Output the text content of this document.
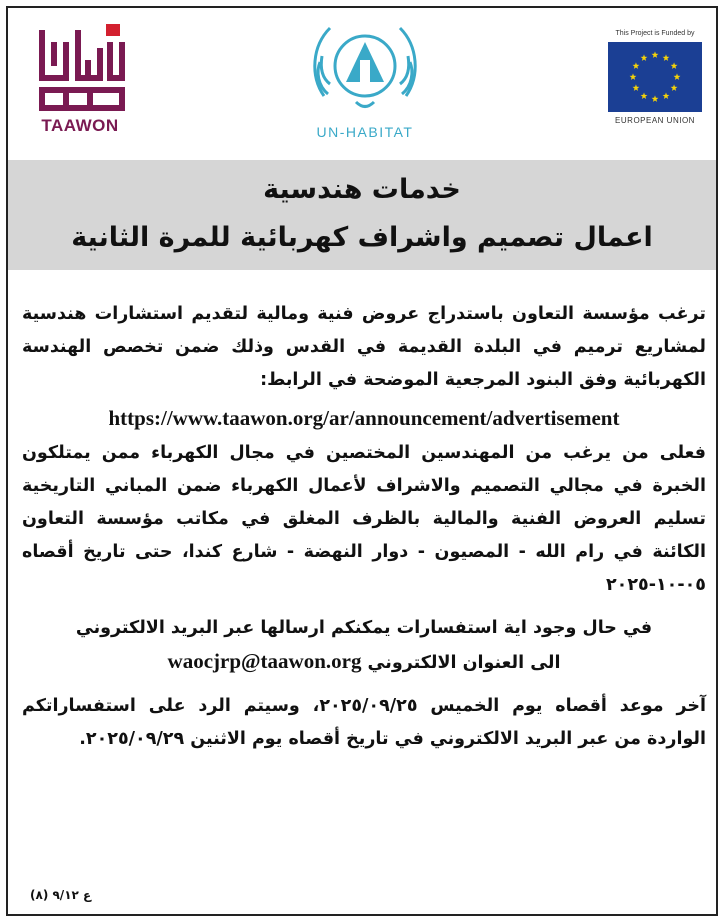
TAAWON	UN-HABITAT
This Project is Funded by
EUROPEAN UNION
خدمات هندسية
اعمال تصميم واشراف كهربائية للمرة الثانية

ترغب مؤسسة التعاون باستدراج عروض فنية ومالية لتقديم استشارات هندسية لمشاريع ترميم في البلدة القديمة في القدس وذلك ضمن تخصص الهندسة الكهربائية وفق البنود المرجعية الموضحة في الرابط:

https://www.taawon.org/ar/announcement/advertisement

فعلى من يرغب من المهندسين المختصين في مجال الكهرباء ممن يمتلكون الخبرة في مجالي التصميم والاشراف لأعمال الكهرباء ضمن المباني التاريخية تسليم العروض الفنية والمالية بالظرف المغلق في مكاتب مؤسسة التعاون الكائنة في رام الله - المصيون - دوار النهضة - شارع كندا، حتى تاريخ أقصاه ٠٥-١٠-٢٠٢٥

في حال وجود اية استفسارات يمكنكم ارسالها عبر البريد الالكتروني

الى العنوان الالكتروني waocjrp@taawon.org

آخر موعد أقصاه يوم الخميس ٢٠٢٥/٠٩/٢٥، وسيتم الرد على استفساراتكم الواردة من عبر البريد الالكتروني في تاريخ أقصاه يوم الاثنين ٢٠٢٥/٠٩/٢٩.

ع ٩/١٢ (٨)
